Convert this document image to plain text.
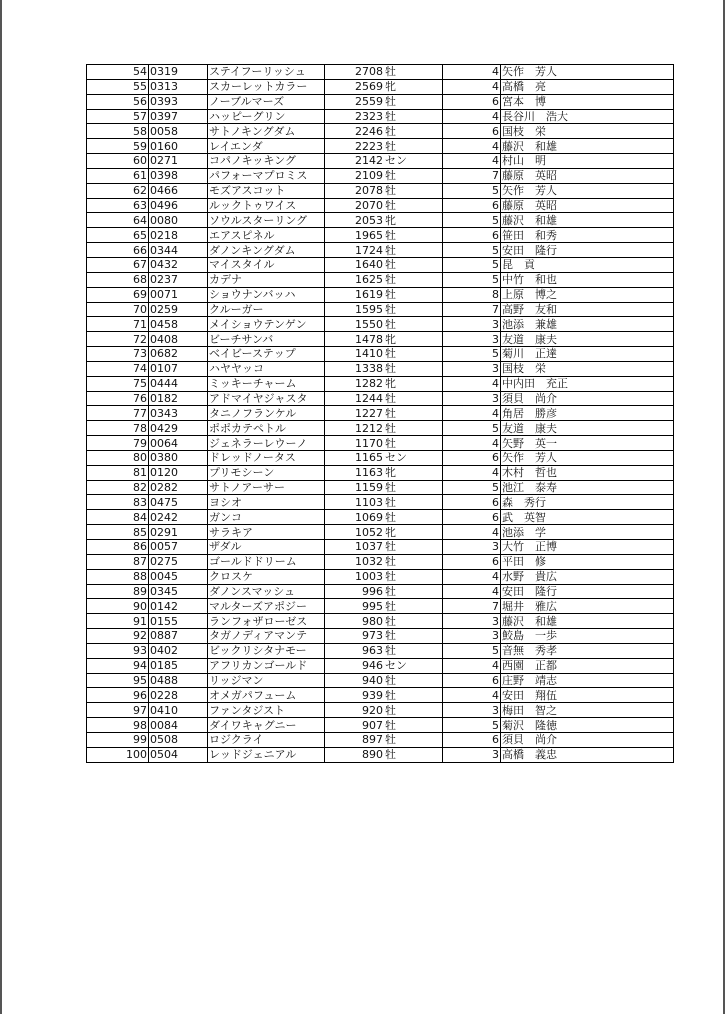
54	0319	ステイフーリッシュ	2708	牡	4	矢作　芳人
55	0313	スカーレットカラー	2569	牝	4	高橋　亮
56	0393	ノーブルマーズ	2559	牡	6	宮本　博
57	0397	ハッピーグリン	2323	牡	4	長谷川　浩大
58	0058	サトノキングダム	2246	牡	6	国枝　栄
59	0160	レイエンダ	2223	牡	4	藤沢　和雄
60	0271	コパノキッキング	2142	セン	4	村山　明
61	0398	パフォーマプロミス	2109	牡	7	藤原　英昭
62	0466	モズアスコット	2078	牡	5	矢作　芳人
63	0496	ルックトゥワイス	2070	牡	6	藤原　英昭
64	0080	ソウルスターリング	2053	牝	5	藤沢　和雄
65	0218	エアスピネル	1965	牡	6	笹田　和秀
66	0344	ダノンキングダム	1724	牡	5	安田　隆行
67	0432	マイスタイル	1640	牡	5	昆　貢
68	0237	カデナ	1625	牡	5	中竹　和也
69	0071	ショウナンバッハ	1619	牡	8	上原　博之
70	0259	クルーガー	1595	牡	7	高野　友和
71	0458	メイショウテンゲン	1550	牡	3	池添　兼雄
72	0408	ビーチサンバ	1478	牝	3	友道　康夫
73	0682	ベイビーステップ	1410	牡	5	菊川　正達
74	0107	ハヤヤッコ	1338	牡	3	国枝　栄
75	0444	ミッキーチャーム	1282	牝	4	中内田　充正
76	0182	アドマイヤジャスタ	1244	牡	3	須貝　尚介
77	0343	タニノフランケル	1227	牡	4	角居　勝彦
78	0429	ポポカテペトル	1212	牡	5	友道　康夫
79	0064	ジェネラーレウーノ	1170	牡	4	矢野　英一
80	0380	ドレッドノータス	1165	セン	6	矢作　芳人
81	0120	プリモシーン	1163	牝	4	木村　哲也
82	0282	サトノアーサー	1159	牡	5	池江　泰寿
83	0475	ヨシオ	1103	牡	6	森　秀行
84	0242	ガンコ	1069	牡	6	武　英智
85	0291	サラキア	1052	牝	4	池添　学
86	0057	ザダル	1037	牡	3	大竹　正博
87	0275	ゴールドドリーム	1032	牡	6	平田　修
88	0045	クロスケ	1003	牡	4	水野　貴広
89	0345	ダノンスマッシュ	996	牡	4	安田　隆行
90	0142	マルターズアポジー	995	牡	7	堀井　雅広
91	0155	ランフォザローゼス	980	牡	3	藤沢　和雄
92	0887	タガノディアマンテ	973	牡	3	鮫島　一歩
93	0402	ビックリシタナモー	963	牡	5	音無　秀孝
94	0185	アフリカンゴールド	946	セン	4	西園　正都
95	0488	リッジマン	940	牡	6	庄野　靖志
96	0228	オメガパフューム	939	牡	4	安田　翔伍
97	0410	ファンタジスト	920	牡	3	梅田　智之
98	0084	ダイワキャグニー	907	牡	5	菊沢　隆徳
99	0508	ロジクライ	897	牡	6	須貝　尚介
100	0504	レッドジェニアル	890	牡	3	高橋　義忠
